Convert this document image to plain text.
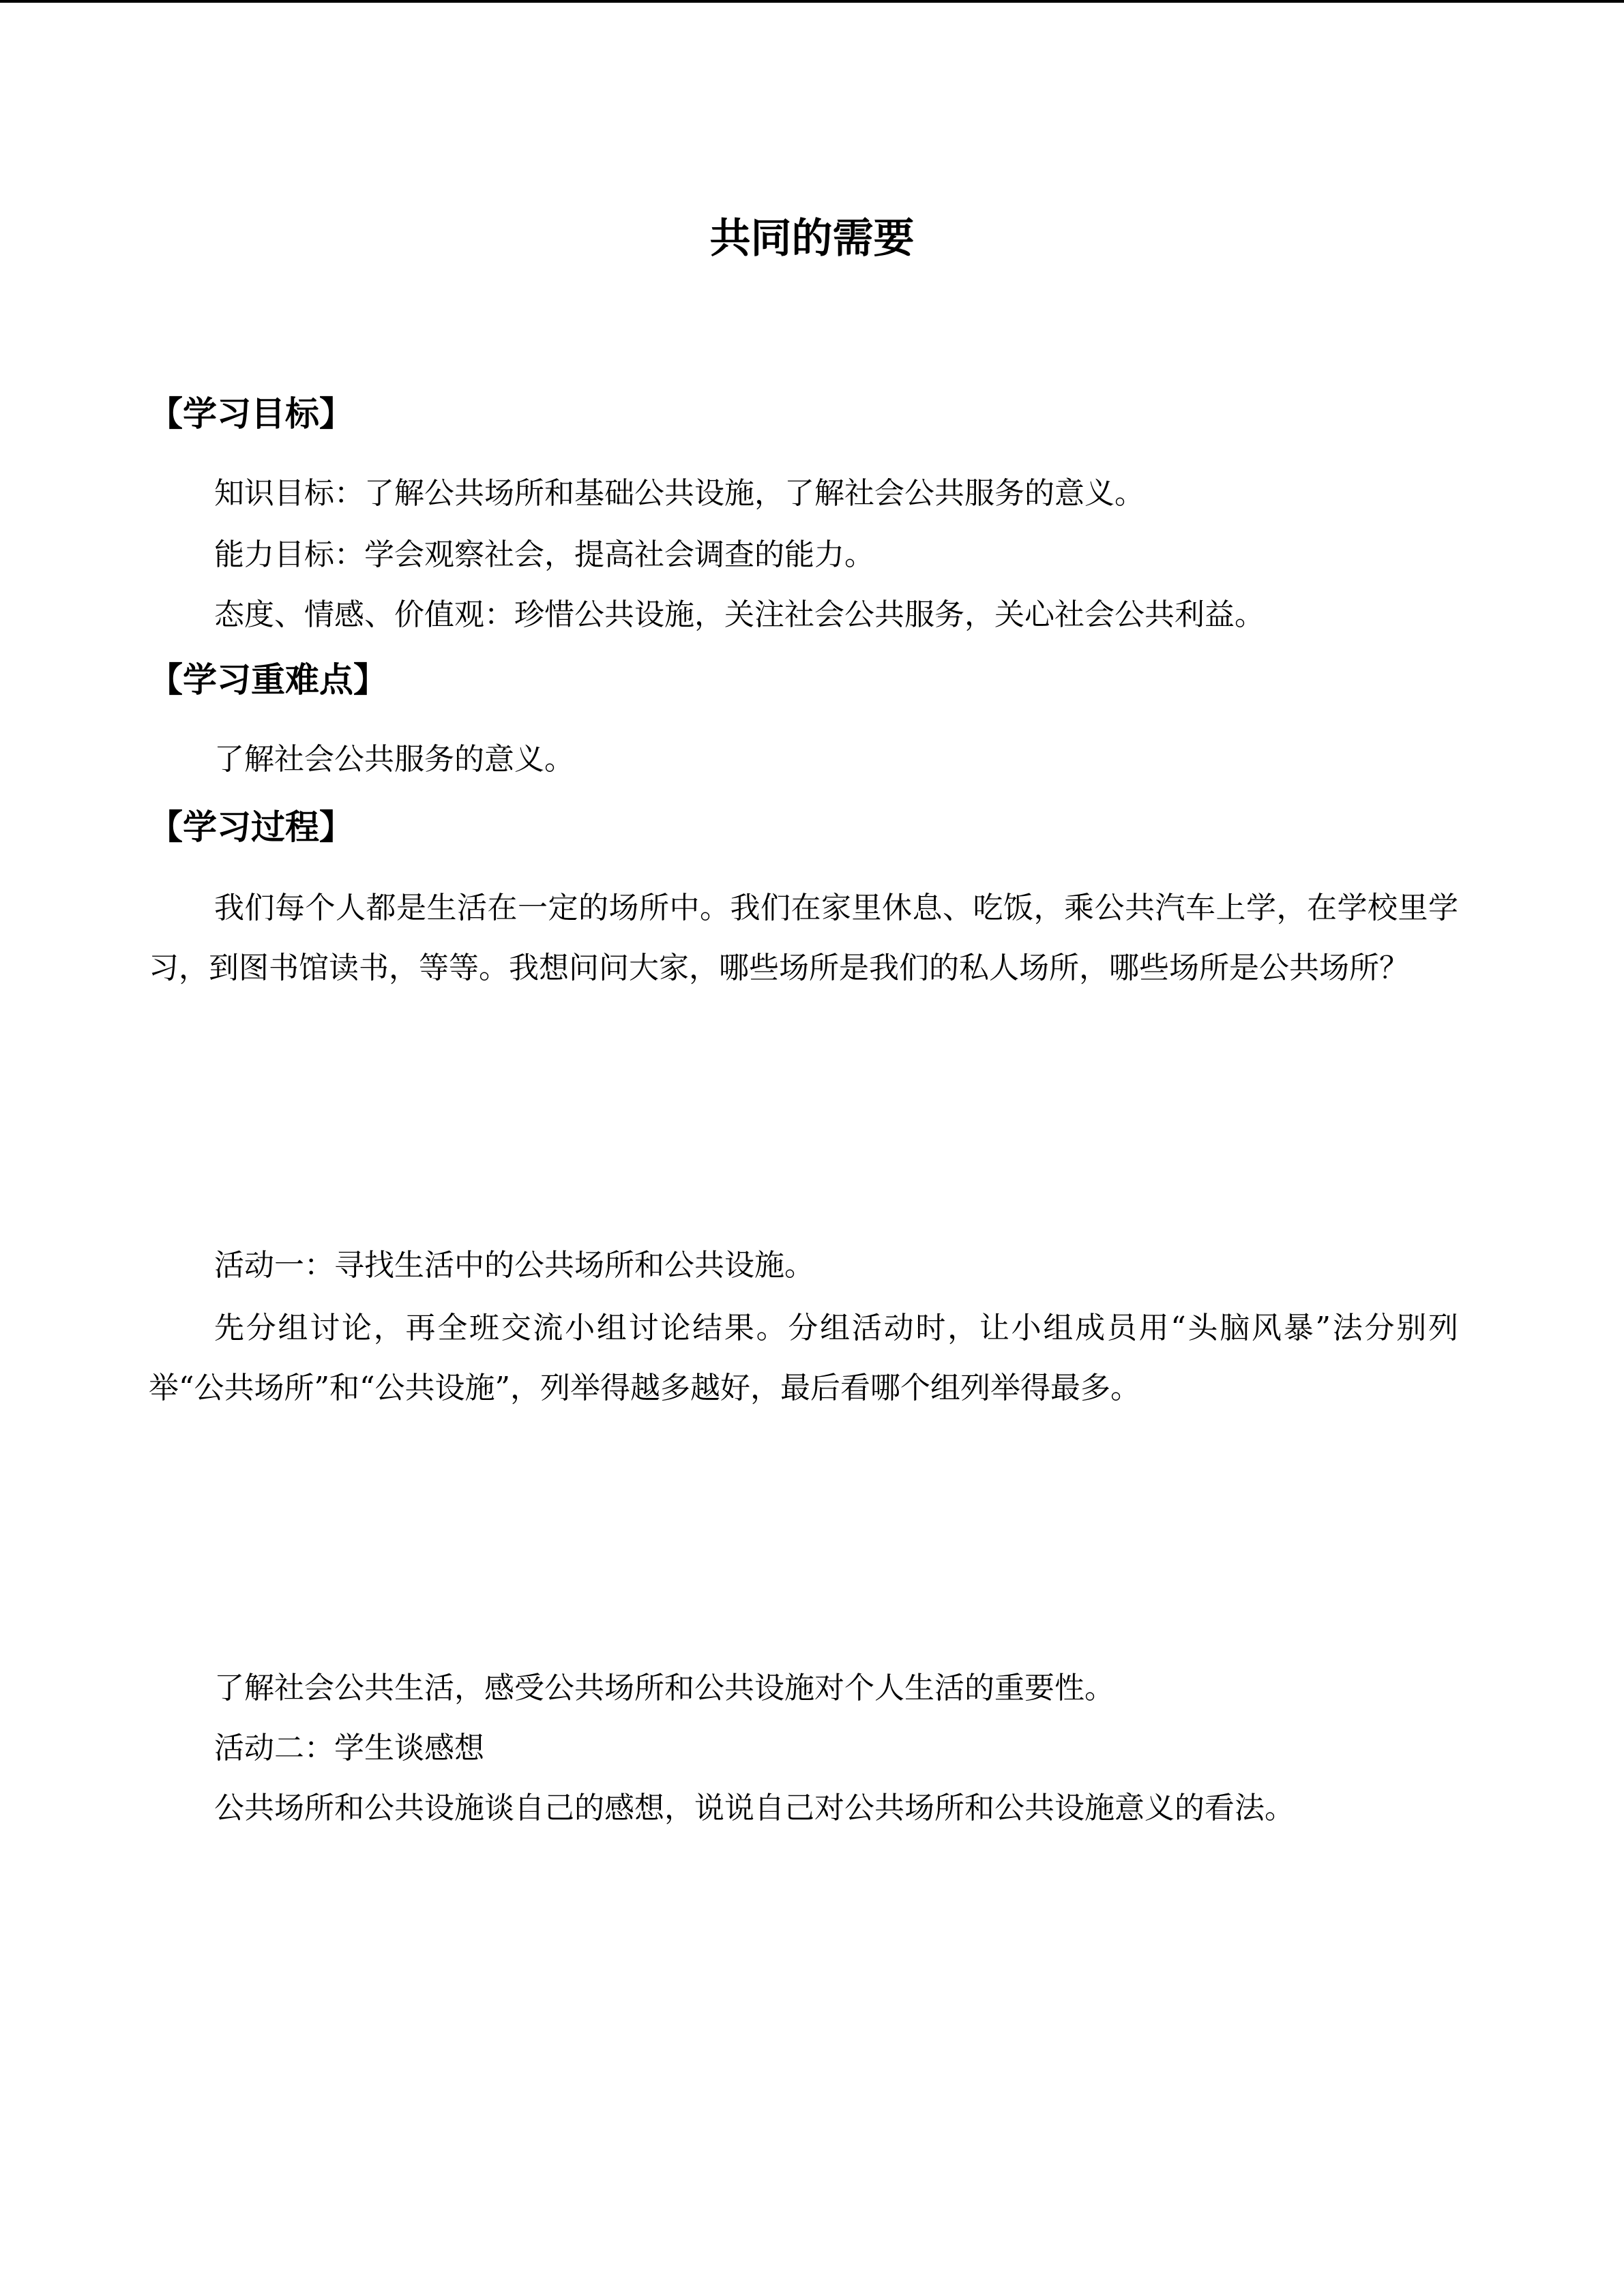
共同的需要
【学习目标】

知识目标：了解公共场所和基础公共设施，了解社会公共服务的意义。

能力目标：学会观察社会，提高社会调查的能力。

态度、情感、价值观：珍惜公共设施，关注社会公共服务，关心社会公共利益。

【学习重难点】

了解社会公共服务的意义。

【学习过程】

我们每个人都是生活在一定的场所中。我们在家里休息、吃饭，乘公共汽车上学，在学校里学习，到图书馆读书，等等。我想问问大家，哪些场所是我们的私人场所，哪些场所是公共场所？

活动一：寻找生活中的公共场所和公共设施。

先分组讨论，再全班交流小组讨论结果。分组活动时，让小组成员用“头脑风暴”法分别列举“公共场所”和“公共设施”，列举得越多越好，最后看哪个组列举得最多。

了解社会公共生活，感受公共场所和公共设施对个人生活的重要性。

活动二：学生谈感想

公共场所和公共设施谈自己的感想，说说自己对公共场所和公共设施意义的看法。
